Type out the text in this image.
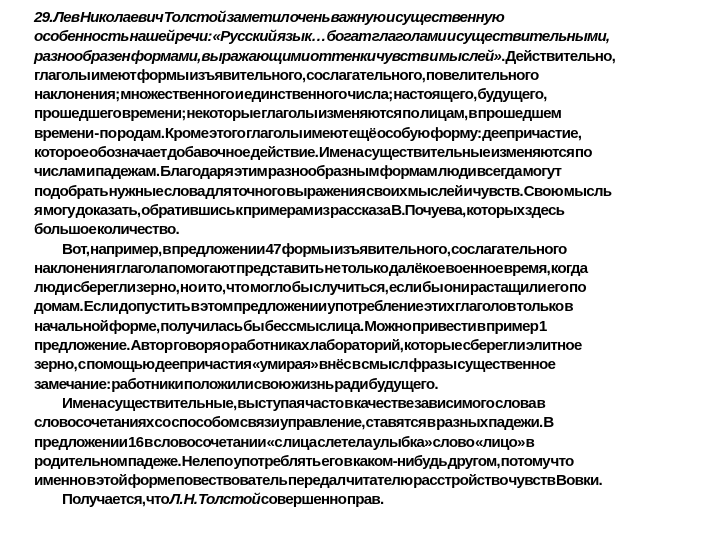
29. Лев Николаевич Толстой заметил очень важную и существенную
особенность нашей речи: «Русский язык… богат глаголами и существительными,
разнообразен формами, выражающими оттенки чувств и мыслей». Действительно,
глаголы имеют формы изъявительного, сослагательного, повелительного
наклонения; множественного и единственного числа; настоящего, будущего,
прошедшего времени; некоторые глаголы изменяются по лицам, в прошедшем
времени - по родам. Кроме этого глаголы имеют ещё особую форму: деепричастие,
которое обозначает добавочное действие. Имена существительные изменяются по
числам и падежам. Благодаря этим разнообразным формам люди всегда могут
подобрать нужные слова для точного выражения своих мыслей и чувств. Свою мысль
я могу доказать, обратившись к примерам из рассказа В.Почуева, которых здесь
большое количество.
Вот, например, в предложении 47 формы изъявительного, сослагательного
наклонения глагола помогают представить не только далёкое военное время, когда
люди сберегли зерно, но и то, что могло бы случиться, если бы они растащили его по
домам. Если допустить в этом предложении употребление этих глаголов только в
начальной форме, получилась бы бессмыслица. Можно привести в пример 1
предложение. Автор говоря о работниках лабораторий, которые сберегли элитное
зерно, с помощью деепричастия «умирая» внёс в смысл фразы существенное
замечание: работники положили свою жизнь ради будущего.
Имена существительные, выступая часто в качестве зависимого слова в
словосочетаниях со способом связи управление, ставятся в разных падежи. В
предложении 16 в словосочетании «с лица слетела улыбка» слово «лицо» в
родительном падеже. Нелепо употреблять его в каком-нибудь другом, потому что
именно в этой форме повествователь передал читателю расстройство чувств Вовки.
Получается, что Л. Н. Толстой совершенно прав.
